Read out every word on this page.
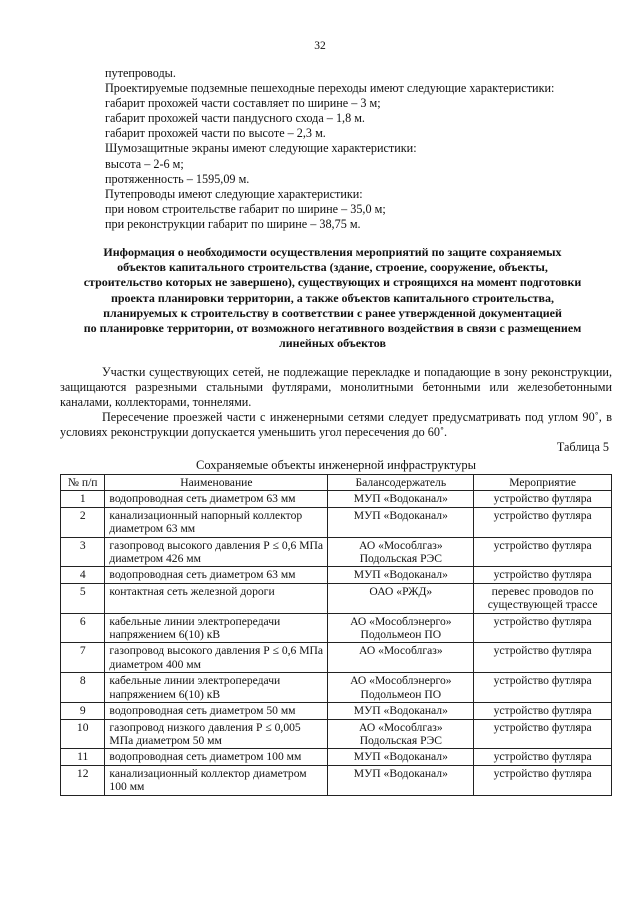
32
путепроводы.
Проектируемые подземные пешеходные переходы имеют следующие характеристики:
габарит прохожей части составляет по ширине – 3 м;
габарит прохожей части пандусного схода – 1,8 м.
габарит прохожей части по высоте – 2,3 м.
Шумозащитные экраны имеют следующие характеристики:
высота – 2-6 м;
протяженность – 1595,09 м.
Путепроводы имеют следующие характеристики:
при новом строительстве габарит по ширине – 35,0 м;
при реконструкции габарит по ширине – 38,75 м.
Информация о необходимости осуществления мероприятий по защите сохраняемых
объектов капитального строительства (здание, строение, сооружение, объекты,
строительство которых не завершено), существующих и строящихся на момент подготовки
проекта планировки территории, а также объектов капитального строительства,
планируемых к строительству в соответствии с ранее утвержденной документацией
по планировке территории, от возможного негативного воздействия в связи с размещением
линейных объектов
Участки существующих сетей, не подлежащие перекладке и попадающие в зону реконструкции, защищаются разрезными стальными футлярами, монолитными бетонными или железобетонными каналами, коллекторами, тоннелями.
Пересечение проезжей части с инженерными сетями следует предусматривать под углом 90˚, в условиях реконструкции допускается уменьшить угол пересечения до 60˚.
Таблица 5
Сохраняемые объекты инженерной инфраструктуры
№ п/п	Наименование	Балансодержатель	Мероприятие
1	водопроводная сеть диаметром 63 мм	МУП «Водоканал»	устройство футляра
2	канализационный напорный коллектор диаметром 63 мм	МУП «Водоканал»	устройство футляра
3	газопровод высокого давления Р ≤ 0,6 МПа диаметром 426 мм	АО «Мособлгаз» Подольская РЭС	устройство футляра
4	водопроводная сеть диаметром 63 мм	МУП «Водоканал»	устройство футляра
5	контактная сеть железной дороги	ОАО «РЖД»	перевес проводов по существующей трассе
6	кабельные линии электропередачи напряжением 6(10) кВ	АО «Мособлэнерго» Подольмеон ПО	устройство футляра
7	газопровод высокого давления Р ≤ 0,6 МПа диаметром 400 мм	АО «Мособлгаз»	устройство футляра
8	кабельные линии электропередачи напряжением 6(10) кВ	АО «Мособлэнерго» Подольмеон ПО	устройство футляра
9	водопроводная сеть диаметром 50 мм	МУП «Водоканал»	устройство футляра
10	газопровод низкого давления Р ≤ 0,005 МПа диаметром 50 мм	АО «Мособлгаз» Подольская РЭС	устройство футляра
11	водопроводная сеть диаметром 100 мм	МУП «Водоканал»	устройство футляра
12	канализационный коллектор диаметром 100 мм	МУП «Водоканал»	устройство футляра
